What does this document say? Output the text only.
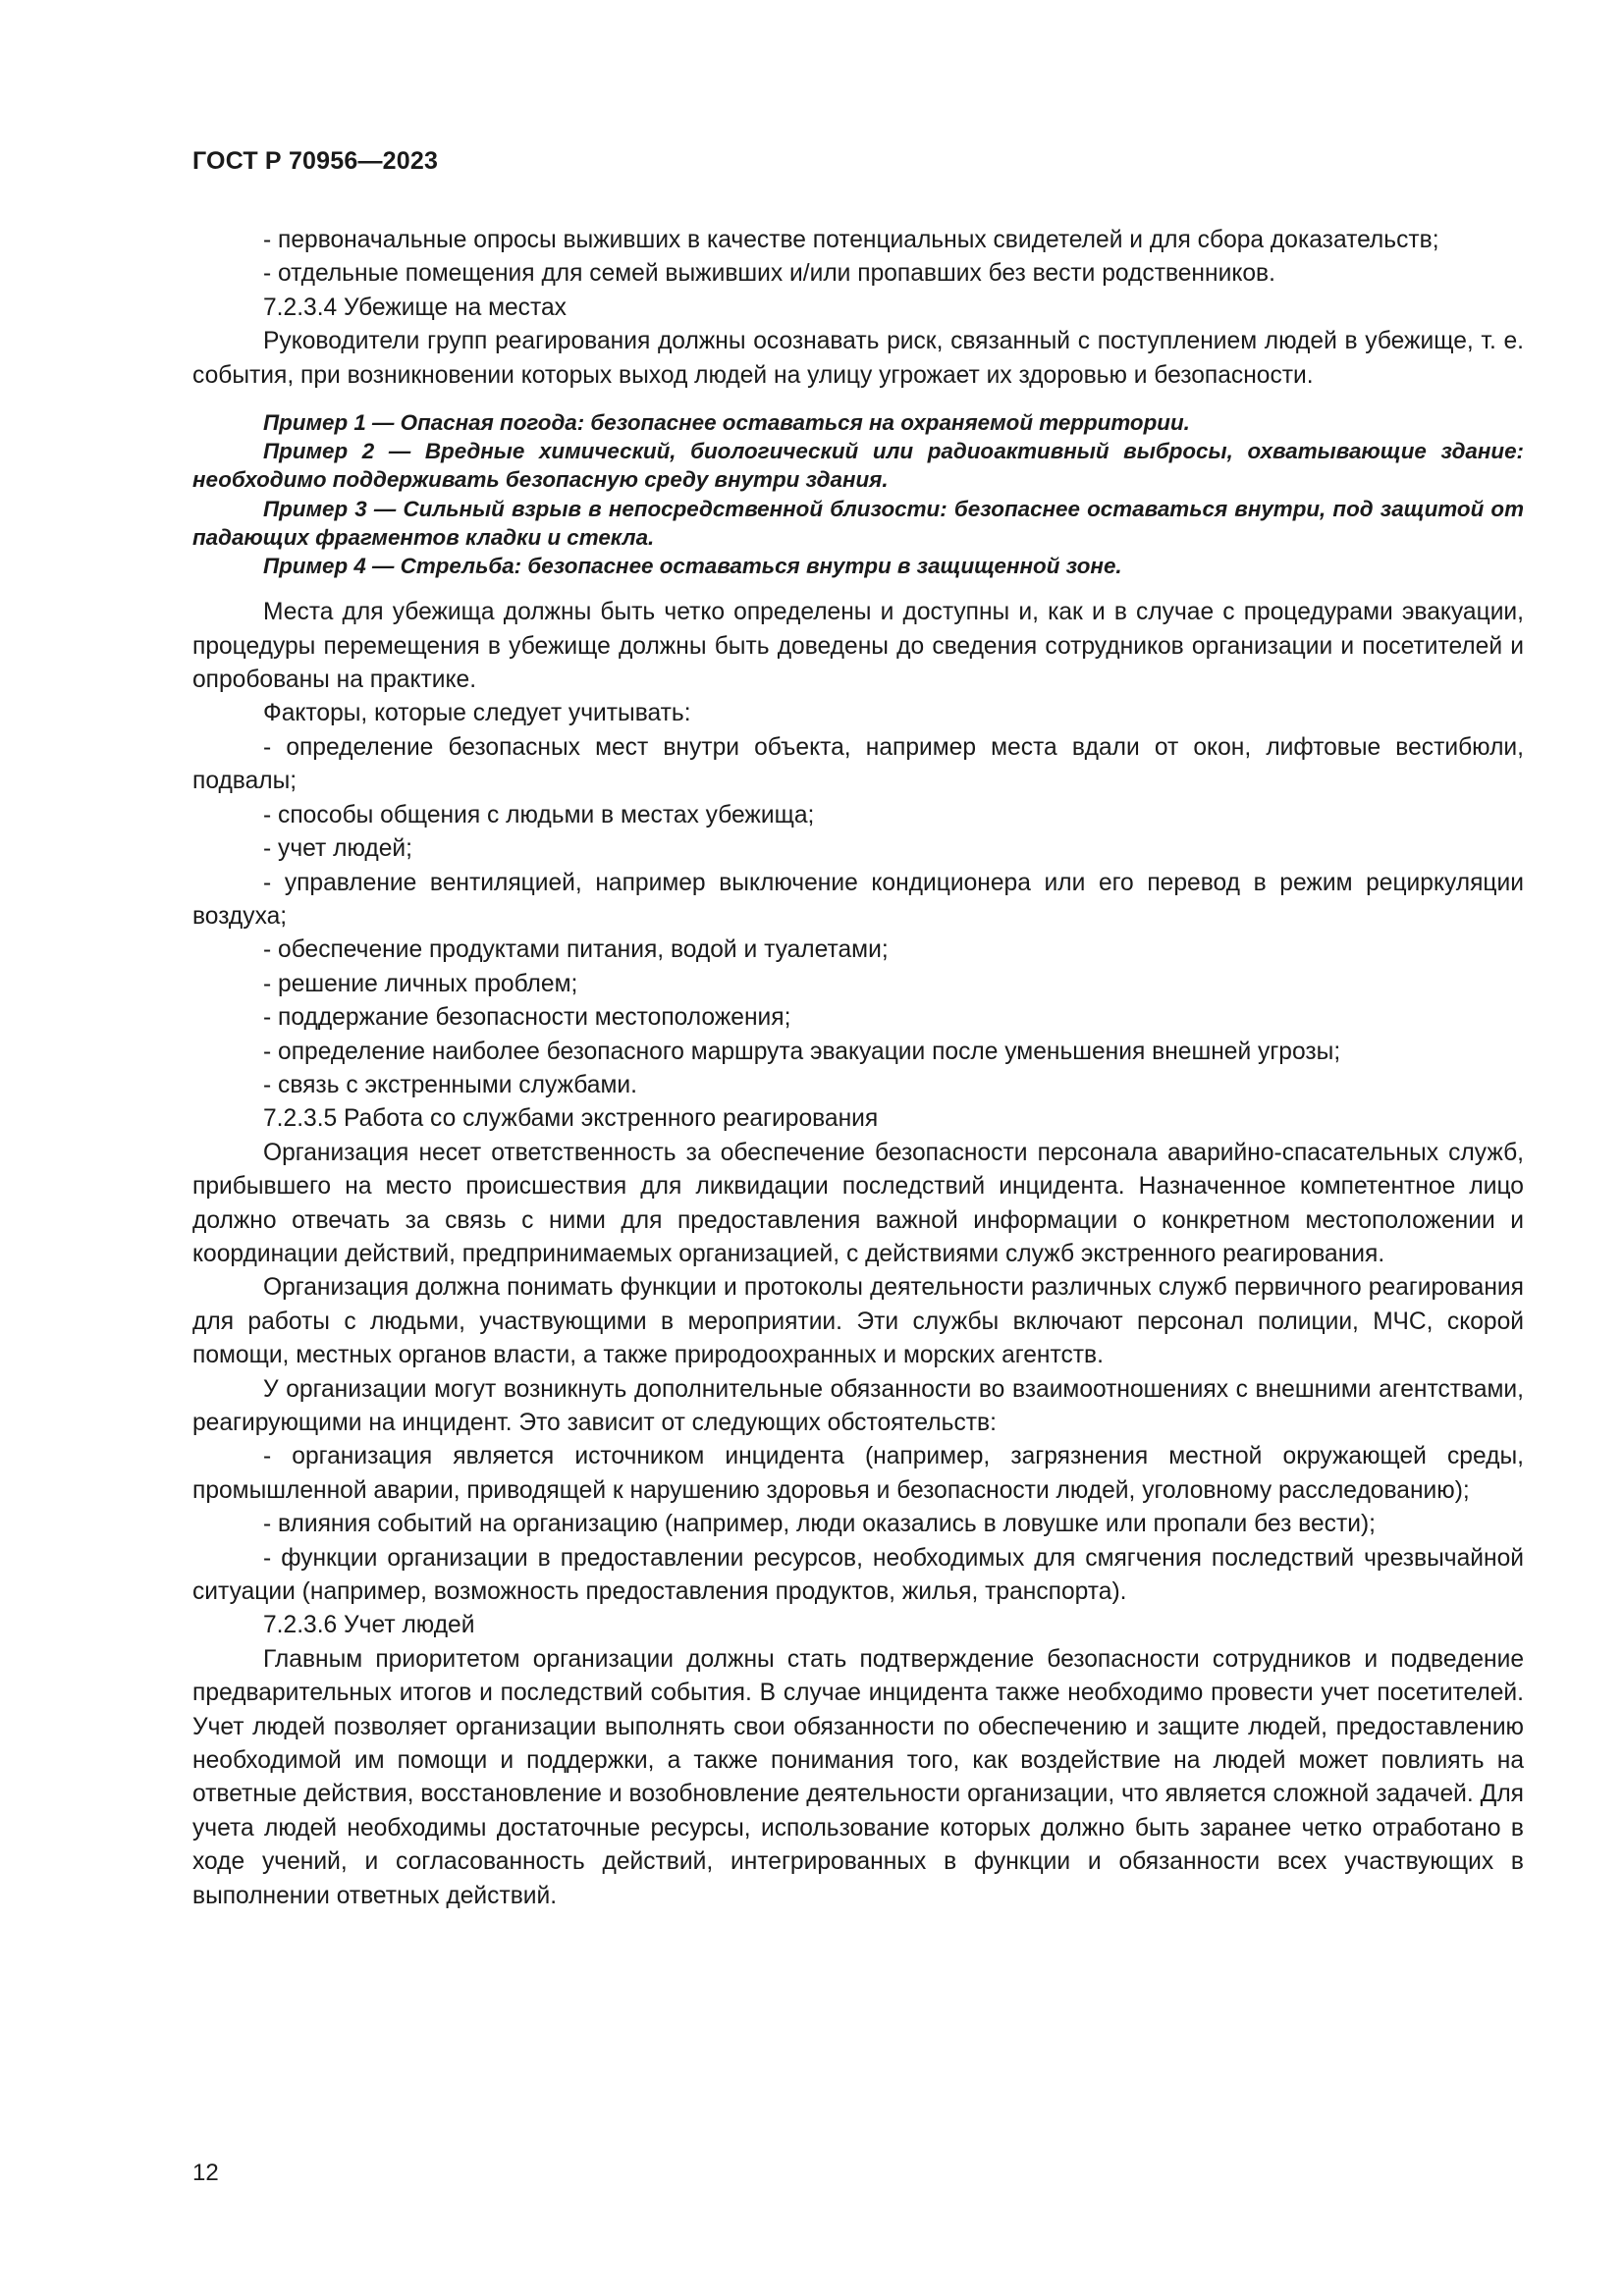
ГОСТ Р 70956—2023

- первоначальные опросы выживших в качестве потенциальных свидетелей и для сбора доказательств;

- отдельные помещения для семей выживших и/или пропавших без вести родственников.

7.2.3.4 Убежище на местах

Руководители групп реагирования должны осознавать риск, связанный с поступлением людей в убежище, т. е. события, при возникновении которых выход людей на улицу угрожает их здоровью и безопасности.

Пример 1 — Опасная погода: безопаснее оставаться на охраняемой территории.

Пример 2 — Вредные химический, биологический или радиоактивный выбросы, охватывающие здание: необходимо поддерживать безопасную среду внутри здания.

Пример 3 — Сильный взрыв в непосредственной близости: безопаснее оставаться внутри, под защитой от падающих фрагментов кладки и стекла.

Пример 4 — Стрельба: безопаснее оставаться внутри в защищенной зоне.

Места для убежища должны быть четко определены и доступны и, как и в случае с процедурами эвакуации, процедуры перемещения в убежище должны быть доведены до сведения сотрудников организации и посетителей и опробованы на практике.

Факторы, которые следует учитывать:

- определение безопасных мест внутри объекта, например места вдали от окон, лифтовые вестибюли, подвалы;

- способы общения с людьми в местах убежища;

- учет людей;

- управление вентиляцией, например выключение кондиционера или его перевод в режим рециркуляции воздуха;

- обеспечение продуктами питания, водой и туалетами;

- решение личных проблем;

- поддержание безопасности местоположения;

- определение наиболее безопасного маршрута эвакуации после уменьшения внешней угрозы;

- связь с экстренными службами.

7.2.3.5 Работа со службами экстренного реагирования

Организация несет ответственность за обеспечение безопасности персонала аварийно-спасательных служб, прибывшего на место происшествия для ликвидации последствий инцидента. Назначенное компетентное лицо должно отвечать за связь с ними для предоставления важной информации о конкретном местоположении и координации действий, предпринимаемых организацией, с действиями служб экстренного реагирования.

Организация должна понимать функции и протоколы деятельности различных служб первичного реагирования для работы с людьми, участвующими в мероприятии. Эти службы включают персонал полиции, МЧС, скорой помощи, местных органов власти, а также природоохранных и морских агентств.

У организации могут возникнуть дополнительные обязанности во взаимоотношениях с внешними агентствами, реагирующими на инцидент. Это зависит от следующих обстоятельств:

- организация является источником инцидента (например, загрязнения местной окружающей среды, промышленной аварии, приводящей к нарушению здоровья и безопасности людей, уголовному расследованию);

- влияния событий на организацию (например, люди оказались в ловушке или пропали без вести);

- функции организации в предоставлении ресурсов, необходимых для смягчения последствий чрезвычайной ситуации (например, возможность предоставления продуктов, жилья, транспорта).

7.2.3.6 Учет людей

Главным приоритетом организации должны стать подтверждение безопасности сотрудников и подведение предварительных итогов и последствий события. В случае инцидента также необходимо провести учет посетителей. Учет людей позволяет организации выполнять свои обязанности по обеспечению и защите людей, предоставлению необходимой им помощи и поддержки, а также понимания того, как воздействие на людей может повлиять на ответные действия, восстановление и возобновление деятельности организации, что является сложной задачей. Для учета людей необходимы достаточные ресурсы, использование которых должно быть заранее четко отработано в ходе учений, и согласованность действий, интегрированных в функции и обязанности всех участвующих в выполнении ответных действий.

12
